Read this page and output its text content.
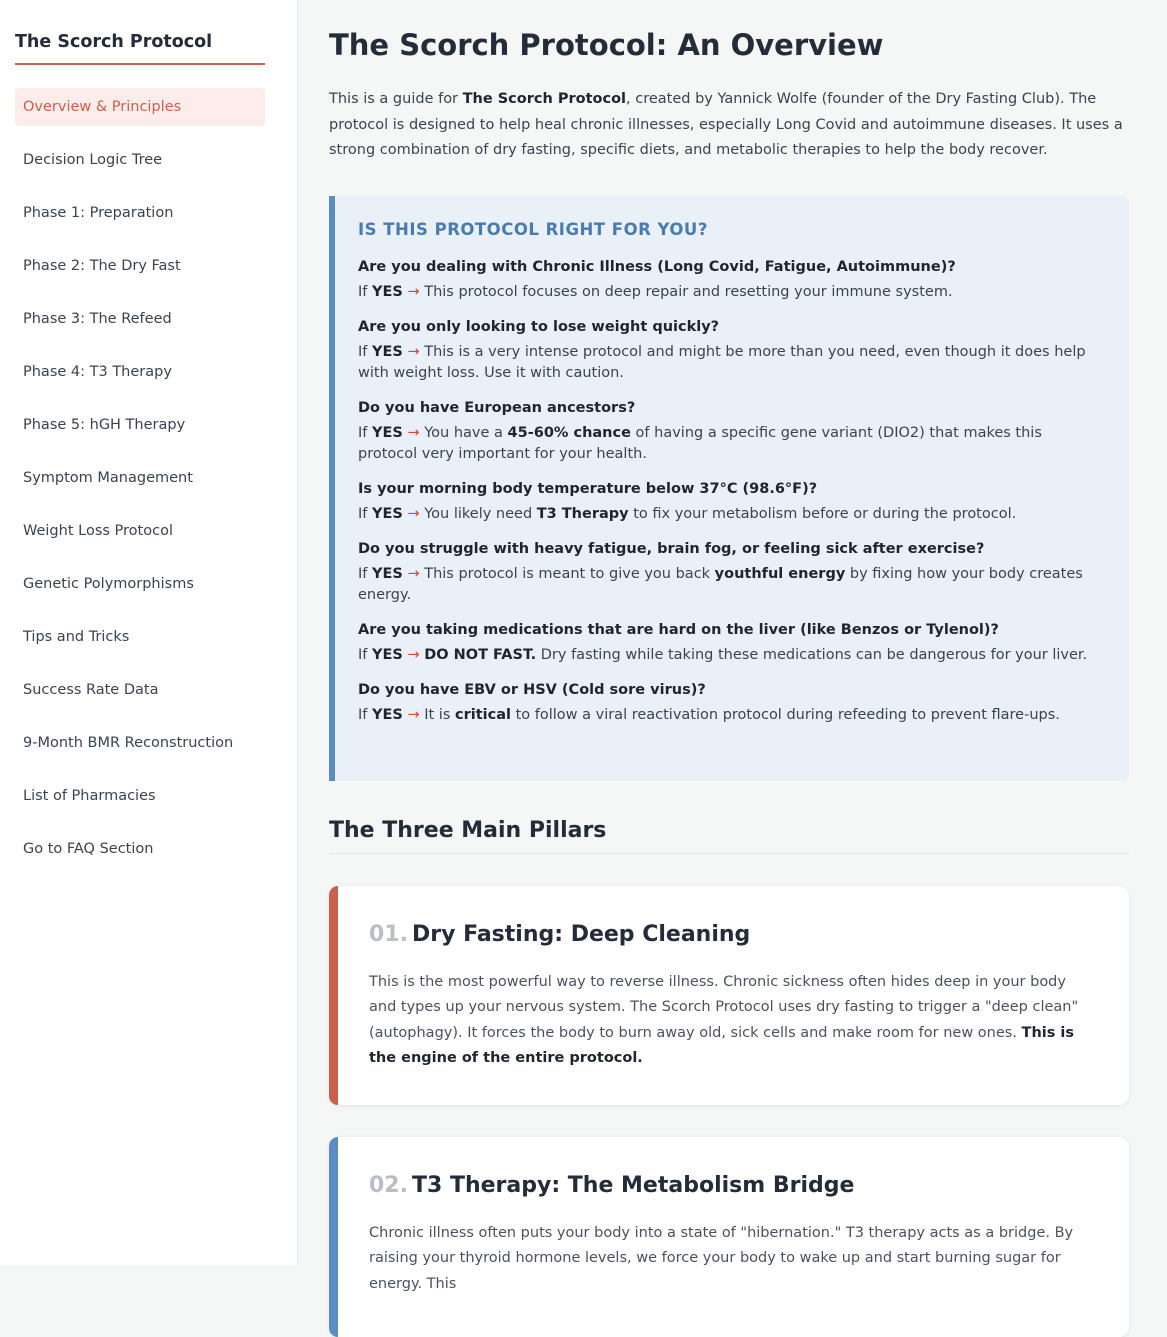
The Scorch Protocol
Overview & Principles
Decision Logic Tree
Phase 1: Preparation
Phase 2: The Dry Fast
Phase 3: The Refeed
Phase 4: T3 Therapy
Phase 5: hGH Therapy
Symptom Management
Weight Loss Protocol
Genetic Polymorphisms
Tips and Tricks
Success Rate Data
9-Month BMR Reconstruction
List of Pharmacies
Go to FAQ Section
The Scorch Protocol: An Overview

This is a guide for The Scorch Protocol, created by Yannick Wolfe (founder of the Dry Fasting Club). The protocol is designed to help heal chronic illnesses, especially Long Covid and autoimmune diseases. It uses a strong combination of dry fasting, specific diets, and metabolic therapies to help the body recover.

IS THIS PROTOCOL RIGHT FOR YOU?
Are you dealing with Chronic Illness (Long Covid, Fatigue, Autoimmune)?
If YES → This protocol focuses on deep repair and resetting your immune system.
Are you only looking to lose weight quickly?
If YES → This is a very intense protocol and might be more than you need, even though it does help with weight loss. Use it with caution.
Do you have European ancestors?
If YES → You have a 45-60% chance of having a specific gene variant (DIO2) that makes this protocol very important for your health.
Is your morning body temperature below 37°C (98.6°F)?
If YES → You likely need T3 Therapy to fix your metabolism before or during the protocol.
Do you struggle with heavy fatigue, brain fog, or feeling sick after exercise?
If YES → This protocol is meant to give you back youthful energy by fixing how your body creates energy.
Are you taking medications that are hard on the liver (like Benzos or Tylenol)?
If YES → DO NOT FAST. Dry fasting while taking these medications can be dangerous for your liver.
Do you have EBV or HSV (Cold sore virus)?
If YES → It is critical to follow a viral reactivation protocol during refeeding to prevent flare-ups.
The Three Main Pillars
01. Dry Fasting: Deep Cleaning

This is the most powerful way to reverse illness. Chronic sickness often hides deep in your body and types up your nervous system. The Scorch Protocol uses dry fasting to trigger a "deep clean" (autophagy). It forces the body to burn away old, sick cells and make room for new ones. This is the engine of the entire protocol.

02. T3 Therapy: The Metabolism Bridge

Chronic illness often puts your body into a state of "hibernation." T3 therapy acts as a bridge. By raising your thyroid hormone levels, we force your body to wake up and start burning sugar for energy. This
